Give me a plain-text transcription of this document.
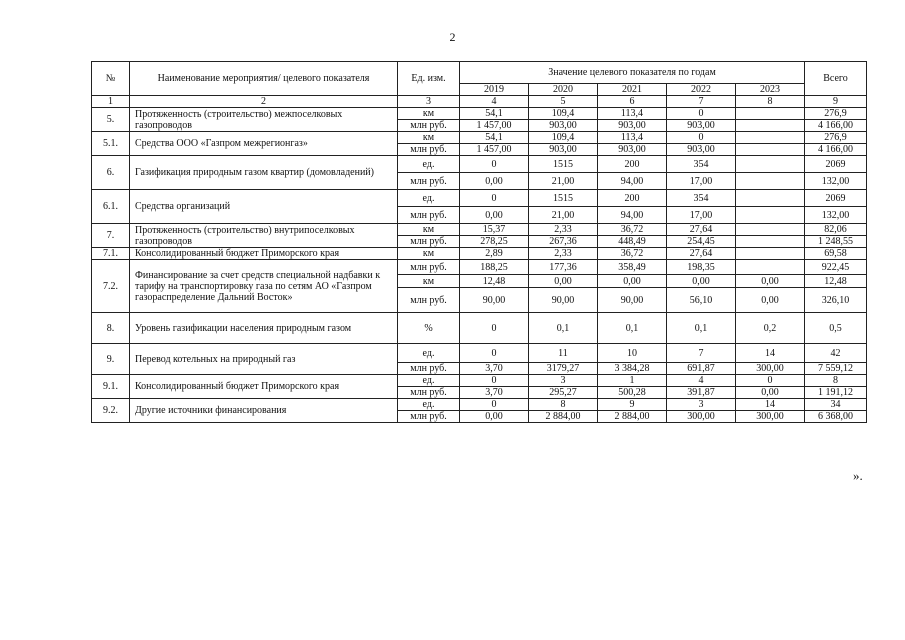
2
№	Наименование мероприятия/ целевого показателя	Ед. изм.	Значение целевого показателя по годам					Всего
			2019	2020	2021	2022	2023	
1	2	3	4	5	6	7	8	9
5.	Протяженность (строительство) межпоселковых газопроводов	км	54,1	109,4	113,4	0		276,9
		млн руб.	1 457,00	903,00	903,00	903,00		4 166,00
5.1.	Средства ООО «Газпром межрегионгаз»	км	54,1	109,4	113,4	0		276,9
		млн руб.	1 457,00	903,00	903,00	903,00		4 166,00
6.	Газификация природным газом квартир (домовладений)	ед.	0	1515	200	354		2069
		млн руб.	0,00	21,00	94,00	17,00		132,00
6.1.	Средства организаций	ед.	0	1515	200	354		2069
		млн руб.	0,00	21,00	94,00	17,00		132,00
7.	Протяженность (строительство) внутрипоселковых газопроводов	км	15,37	2,33	36,72	27,64		82,06
		млн руб.	278,25	267,36	448,49	254,45		1 248,55
7.1.	Консолидированный бюджет Приморского края	км	2,89	2,33	36,72	27,64		69,58
7.2.	Финансирование за счет средств специальной надбавки к тарифу на транспортировку газа по сетям АО «Газпром газораспределение Дальний Восток»	млн руб.	188,25	177,36	358,49	198,35		922,45
		км	12,48	0,00	0,00	0,00	0,00	12,48
		млн руб.	90,00	90,00	90,00	56,10	0,00	326,10
8.	Уровень газификации населения природным газом	%	0	0,1	0,1	0,1	0,2	0,5
9.	Перевод котельных на природный газ	ед.	0	11	10	7	14	42
		млн руб.	3,70	3179,27	3 384,28	691,87	300,00	7 559,12
9.1.	Консолидированный бюджет Приморского края	ед.	0	3	1	4	0	8
		млн руб.	3,70	295,27	500,28	391,87	0,00	1 191,12
9.2.	Другие источники финансирования	ед.	0	8	9	3	14	34
		млн руб.	0,00	2 884,00	2 884,00	300,00	300,00	6 368,00
».
